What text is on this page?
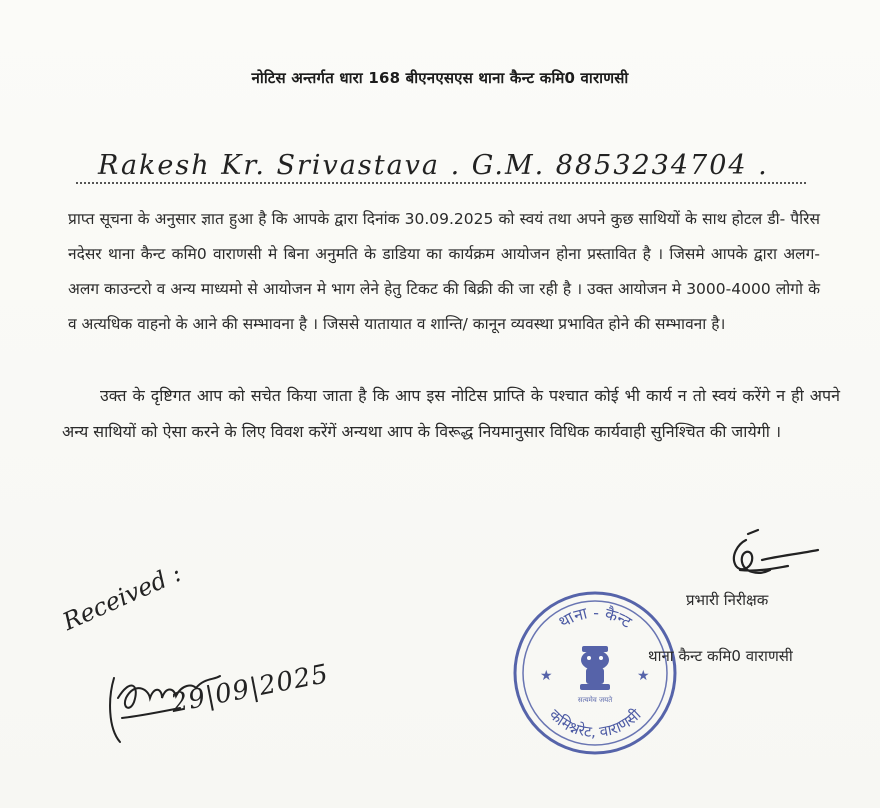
नोटिस अन्तर्गत धारा 168 बीएनएसएस थाना कैन्ट कमि0 वाराणसी
Rakesh Kr. Srivastava . G.M. 8853234704 .
प्राप्त सूचना के अनुसार ज्ञात हुआ है कि आपके द्वारा दिनांक 30.09.2025 को स्वयं तथा अपने कुछ साथियों के साथ होटल डी- पैरिस नदेसर थाना कैन्ट कमि0 वाराणसी मे बिना अनुमति के डाडिया का कार्यक्रम आयोजन होना प्रस्तावित है । जिसमे आपके द्वारा अलग- अलग काउन्टरो व अन्य माध्यमो से आयोजन मे भाग लेने हेतु टिकट की बिक्री की जा रही है । उक्त आयोजन मे 3000-4000 लोगो के व अत्यधिक वाहनो के आने की सम्भावना है । जिससे यातायात व शान्ति/ कानून व्यवस्था प्रभावित होने की सम्भावना है।
उक्त के दृष्टिगत आप को सचेत किया जाता है कि आप इस नोटिस प्राप्ति के पश्चात कोई भी कार्य न तो स्वयं करेंगे न ही अपने अन्य साथियों को ऐसा करने के लिए विवश करेंगें अन्यथा आप के विरूद्ध नियमानुसार विधिक कार्यवाही सुनिश्चित की जायेगी ।
प्रभारी निरीक्षक
थाना - कैन्ट
कमिश्नरेट, वाराणसी
★	★
सत्यमेव जयते
थाना कैन्ट कमि0 वाराणसी
Received :
29|09|2025
